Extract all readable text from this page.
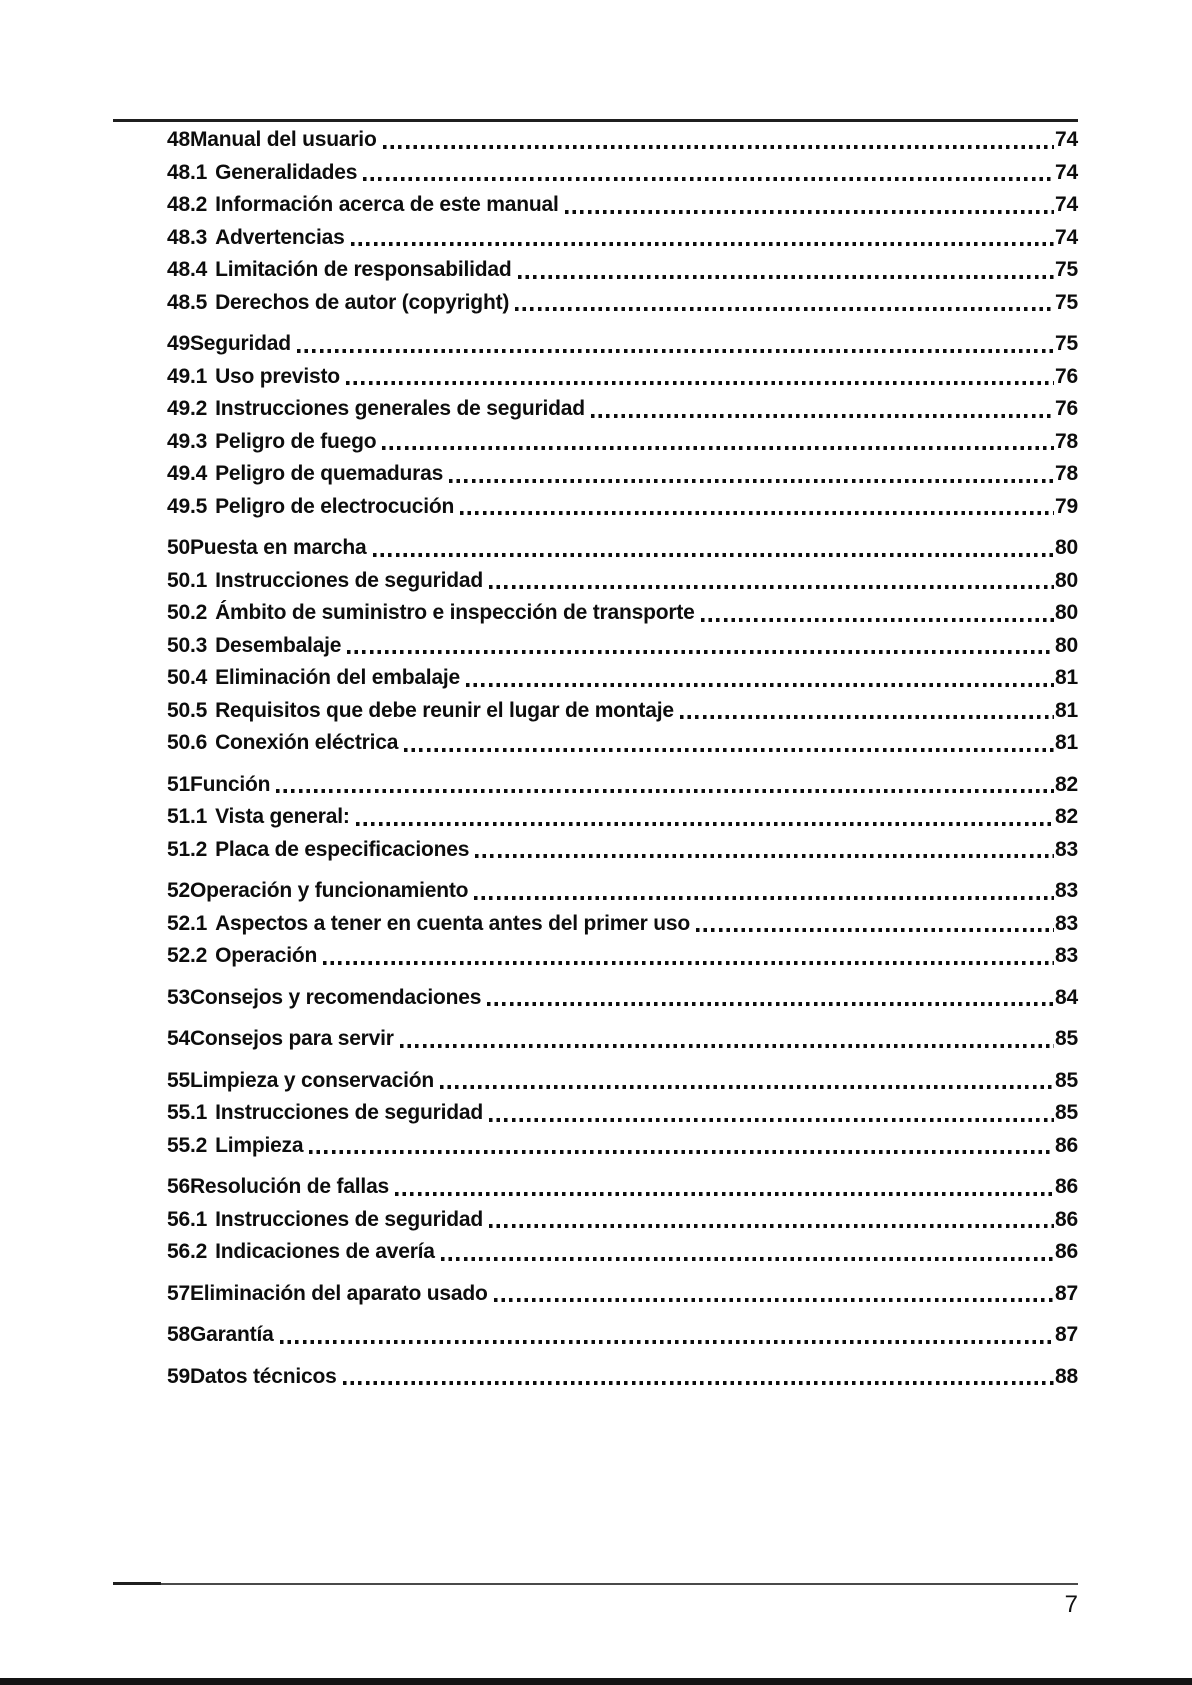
48 Manual del usuario	74
48.1 Generalidades	74
48.2 Información acerca de este manual	74
48.3 Advertencias	74
48.4 Limitación de responsabilidad	75
48.5 Derechos de autor (copyright)	75
49 Seguridad	75
49.1 Uso previsto	76
49.2 Instrucciones generales de seguridad	76
49.3 Peligro de fuego	78
49.4 Peligro de quemaduras	78
49.5 Peligro de electrocución	79
50 Puesta en marcha	80
50.1 Instrucciones de seguridad	80
50.2 Ámbito de suministro e inspección de transporte	80
50.3 Desembalaje	80
50.4 Eliminación del embalaje	81
50.5 Requisitos que debe reunir el lugar de montaje	81
50.6 Conexión eléctrica	81
51 Función	82
51.1 Vista general:	82
51.2 Placa de especificaciones	83
52 Operación y funcionamiento	83
52.1 Aspectos a tener en cuenta antes del primer uso	83
52.2 Operación	83
53 Consejos y recomendaciones	84
54 Consejos para servir	85
55 Limpieza y conservación	85
55.1 Instrucciones de seguridad	85
55.2 Limpieza	86
56 Resolución de fallas	86
56.1 Instrucciones de seguridad	86
56.2 Indicaciones de avería	86
57 Eliminación del aparato usado	87
58 Garantía	87
59 Datos técnicos	88
7
